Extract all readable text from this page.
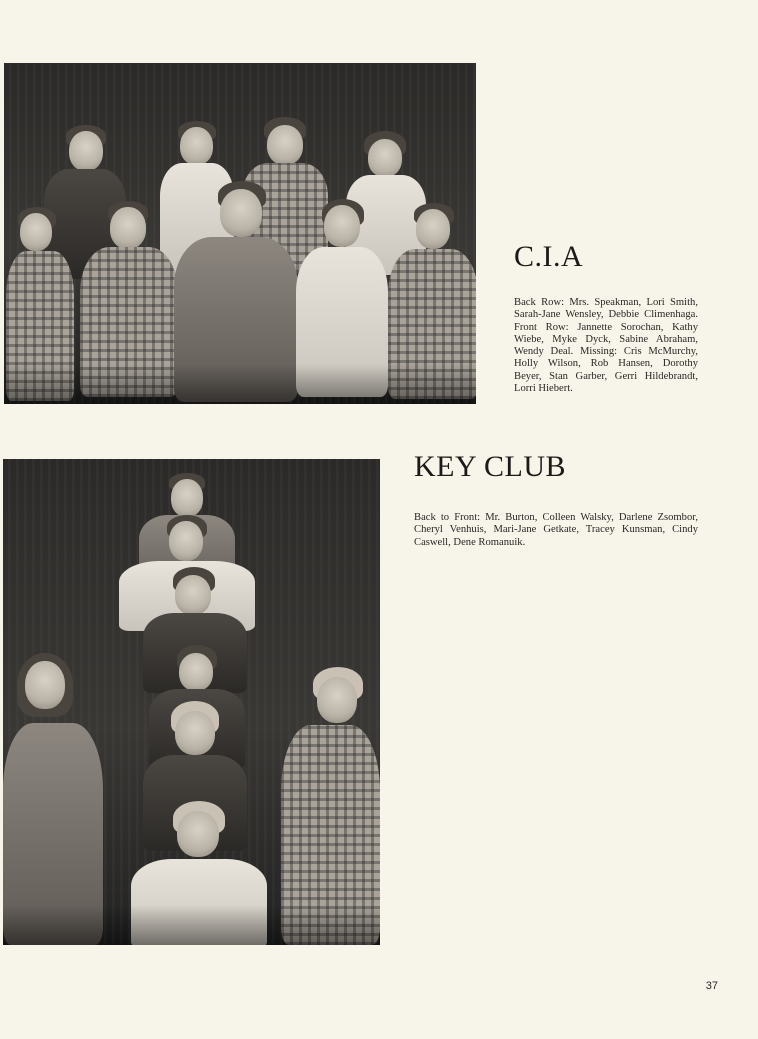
C.I.A

Back Row: Mrs. Speakman, Lori Smith, Sarah-Jane Wensley, Debbie Climenhaga. Front Row: Jannette Sorochan, Kathy Wiebe, Myke Dyck, Sabine Abraham, Wendy Deal. Missing: Cris McMurchy, Holly Wilson, Rob Hansen, Dorothy Beyer, Stan Garber, Gerri Hildebrandt, Lorri Hiebert.

KEY CLUB

Back to Front: Mr. Burton, Colleen Walsky, Darlene Zsombor, Cheryl Venhuis, Mari-Jane Getkate, Tracey Kunsman, Cindy Caswell, Dene Romanuik.

37
